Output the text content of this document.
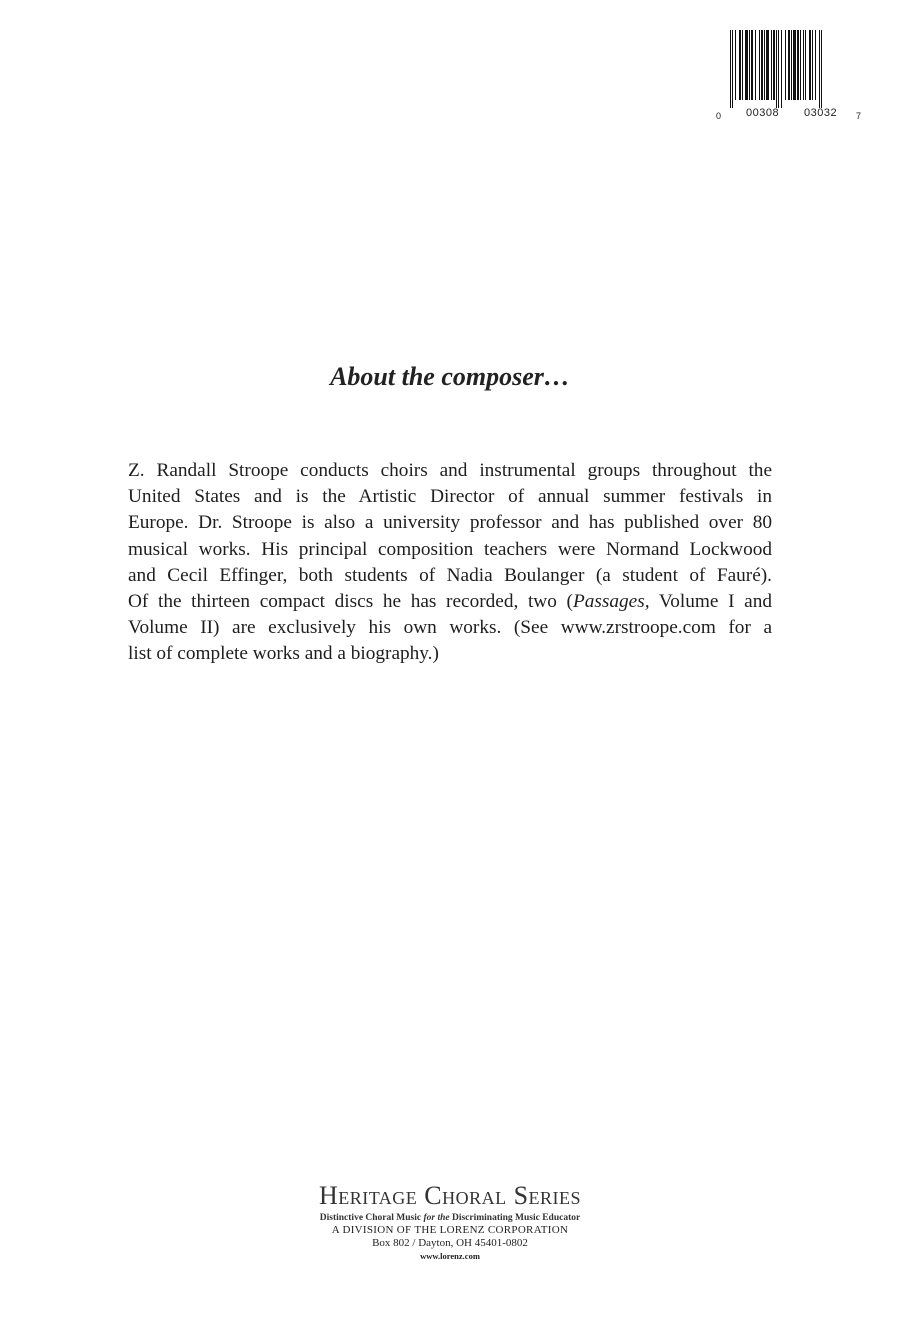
0 00308 03032 7
About the composer…
Z. Randall Stroope conducts choirs and instrumental groups throughout the
United States and is the Artistic Director of annual summer festivals in
Europe. Dr. Stroope is also a university professor and has published over 80
musical works. His principal composition teachers were Normand Lockwood
and Cecil Effinger, both students of Nadia Boulanger (a student of Fauré).
Of the thirteen compact discs he has recorded, two (Passages, Volume I and
Volume II) are exclusively his own works. (See www.zrstroope.com for a
list of complete works and a biography.)
Heritage Choral Series
Distinctive Choral Music for the Discriminating Music Educator
A DIVISION OF THE LORENZ CORPORATION
Box 802 / Dayton, OH 45401-0802
www.lorenz.com
